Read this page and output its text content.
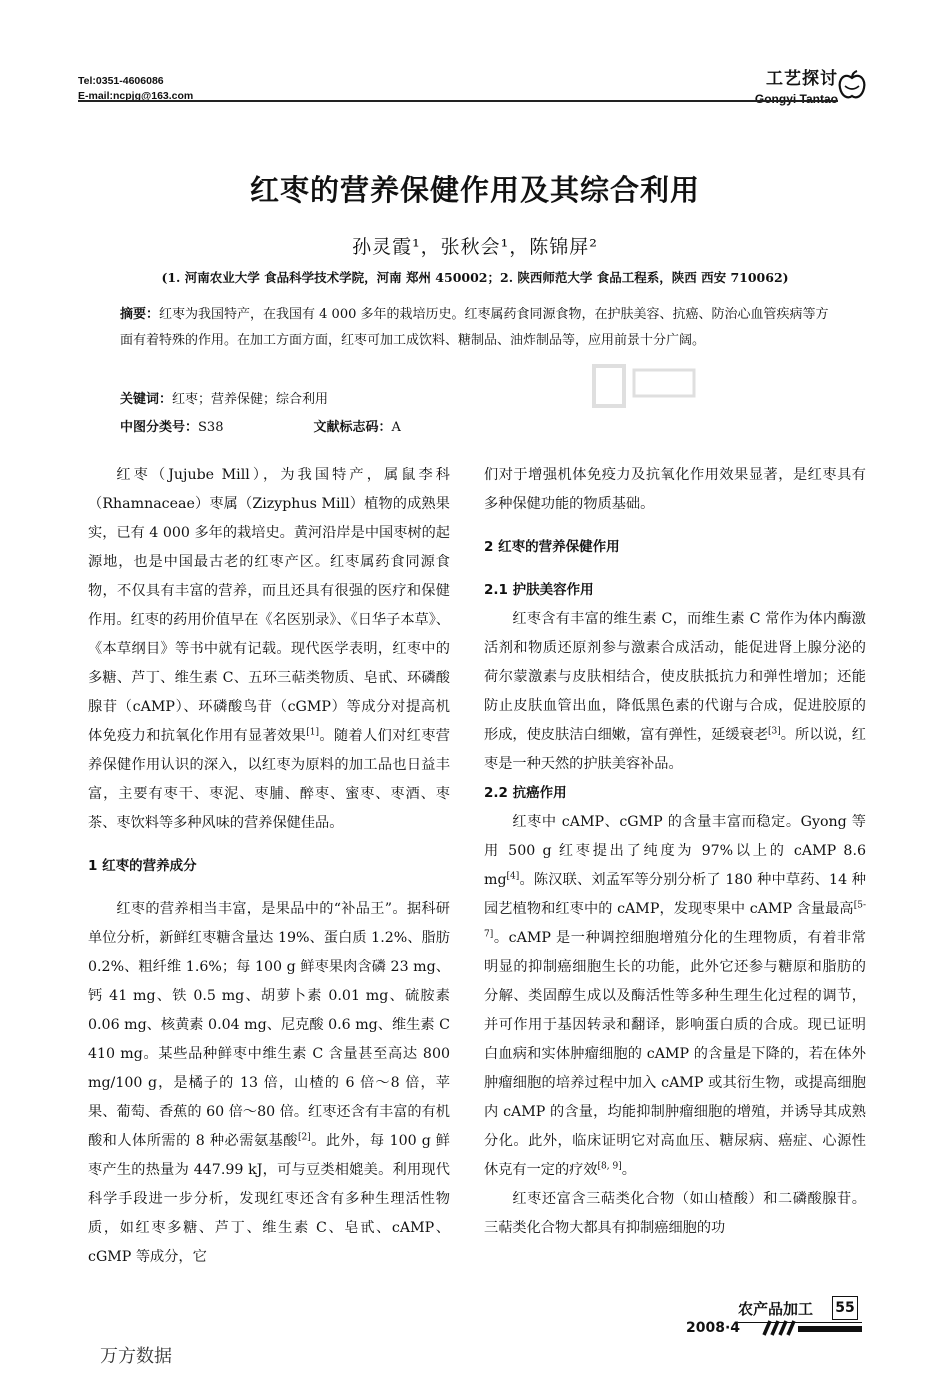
Tel:0351-4606086
E-mail:ncpjg@163.com
工艺探讨
Gongyi Tantao
红枣的营养保健作用及其综合利用
孙灵霞¹，张秋会¹，陈锦屏²
(1. 河南农业大学 食品科学技术学院，河南 郑州 450002；2. 陕西师范大学 食品工程系，陕西 西安 710062)
摘要：红枣为我国特产，在我国有 4 000 多年的栽培历史。红枣属药食同源食物，在护肤美容、抗癌、防治心血管疾病等方面有着特殊的作用。在加工方面方面，红枣可加工成饮料、糖制品、油炸制品等，应用前景十分广阔。
关键词：红枣；营养保健；综合利用
中图分类号：S38	文献标志码：A

红枣（Jujube Mill），为我国特产，属鼠李科（Rhamnaceae）枣属（Zizyphus Mill）植物的成熟果实，已有 4 000 多年的栽培史。黄河沿岸是中国枣树的起源地，也是中国最古老的红枣产区。红枣属药食同源食物，不仅具有丰富的营养，而且还具有很强的医疗和保健作用。红枣的药用价值早在《名医别录》、《日华子本草》、《本草纲目》等书中就有记载。现代医学表明，红枣中的多糖、芦丁、维生素 C、五环三萜类物质、皂甙、环磷酸腺苷（cAMP）、环磷酸鸟苷（cGMP）等成分对提高机体免疫力和抗氧化作用有显著效果[1]。随着人们对红枣营养保健作用认识的深入，以红枣为原料的加工品也日益丰富，主要有枣干、枣泥、枣脯、醉枣、蜜枣、枣酒、枣茶、枣饮料等多种风味的营养保健佳品。

1 红枣的营养成分

红枣的营养相当丰富，是果品中的“补品王”。据科研单位分析，新鲜红枣糖含量达 19%、蛋白质 1.2%、脂肪 0.2%、粗纤维 1.6%；每 100 g 鲜枣果肉含磷 23 mg、钙 41 mg、铁 0.5 mg、胡萝卜素 0.01 mg、硫胺素 0.06 mg、核黄素 0.04 mg、尼克酸 0.6 mg、维生素 C 410 mg。某些品种鲜枣中维生素 C 含量甚至高达 800 mg/100 g，是橘子的 13 倍，山楂的 6 倍～8 倍，苹果、葡萄、香蕉的 60 倍～80 倍。红枣还含有丰富的有机酸和人体所需的 8 种必需氨基酸[2]。此外，每 100 g 鲜枣产生的热量为 447.99 kJ，可与豆类相媲美。利用现代科学手段进一步分析，发现红枣还含有多种生理活性物质，如红枣多糖、芦丁、维生素 C、皂甙、cAMP、cGMP 等成分，它

们对于增强机体免疫力及抗氧化作用效果显著，是红枣具有多种保健功能的物质基础。

2 红枣的营养保健作用
2.1 护肤美容作用

红枣含有丰富的维生素 C，而维生素 C 常作为体内酶激活剂和物质还原剂参与激素合成活动，能促进肾上腺分泌的荷尔蒙激素与皮肤相结合，使皮肤抵抗力和弹性增加；还能防止皮肤血管出血，降低黑色素的代谢与合成，促进胶原的形成，使皮肤洁白细嫩，富有弹性，延缓衰老[3]。所以说，红枣是一种天然的护肤美容补品。

2.2 抗癌作用

红枣中 cAMP、cGMP 的含量丰富而稳定。Gyong 等用 500 g 红枣提出了纯度为 97%以上的 cAMP 8.6 mg[4]。陈汉联、刘孟军等分别分析了 180 种中草药、14 种园艺植物和红枣中的 cAMP，发现枣果中 cAMP 含量最高[5-7]。cAMP 是一种调控细胞增殖分化的生理物质，有着非常明显的抑制癌细胞生长的功能，此外它还参与糖原和脂肪的分解、类固醇生成以及酶活性等多种生理生化过程的调节，并可作用于基因转录和翻译，影响蛋白质的合成。现已证明白血病和实体肿瘤细胞的 cAMP 的含量是下降的，若在体外肿瘤细胞的培养过程中加入 cAMP 或其衍生物，或提高细胞内 cAMP 的含量，均能抑制肿瘤细胞的增殖，并诱导其成熟分化。此外，临床证明它对高血压、糖尿病、癌症、心源性休克有一定的疗效[8, 9]。

红枣还富含三萜类化合物（如山楂酸）和二磷酸腺苷。三萜类化合物大都具有抑制癌细胞的功

农产品加工 55
2008·4
万方数据
